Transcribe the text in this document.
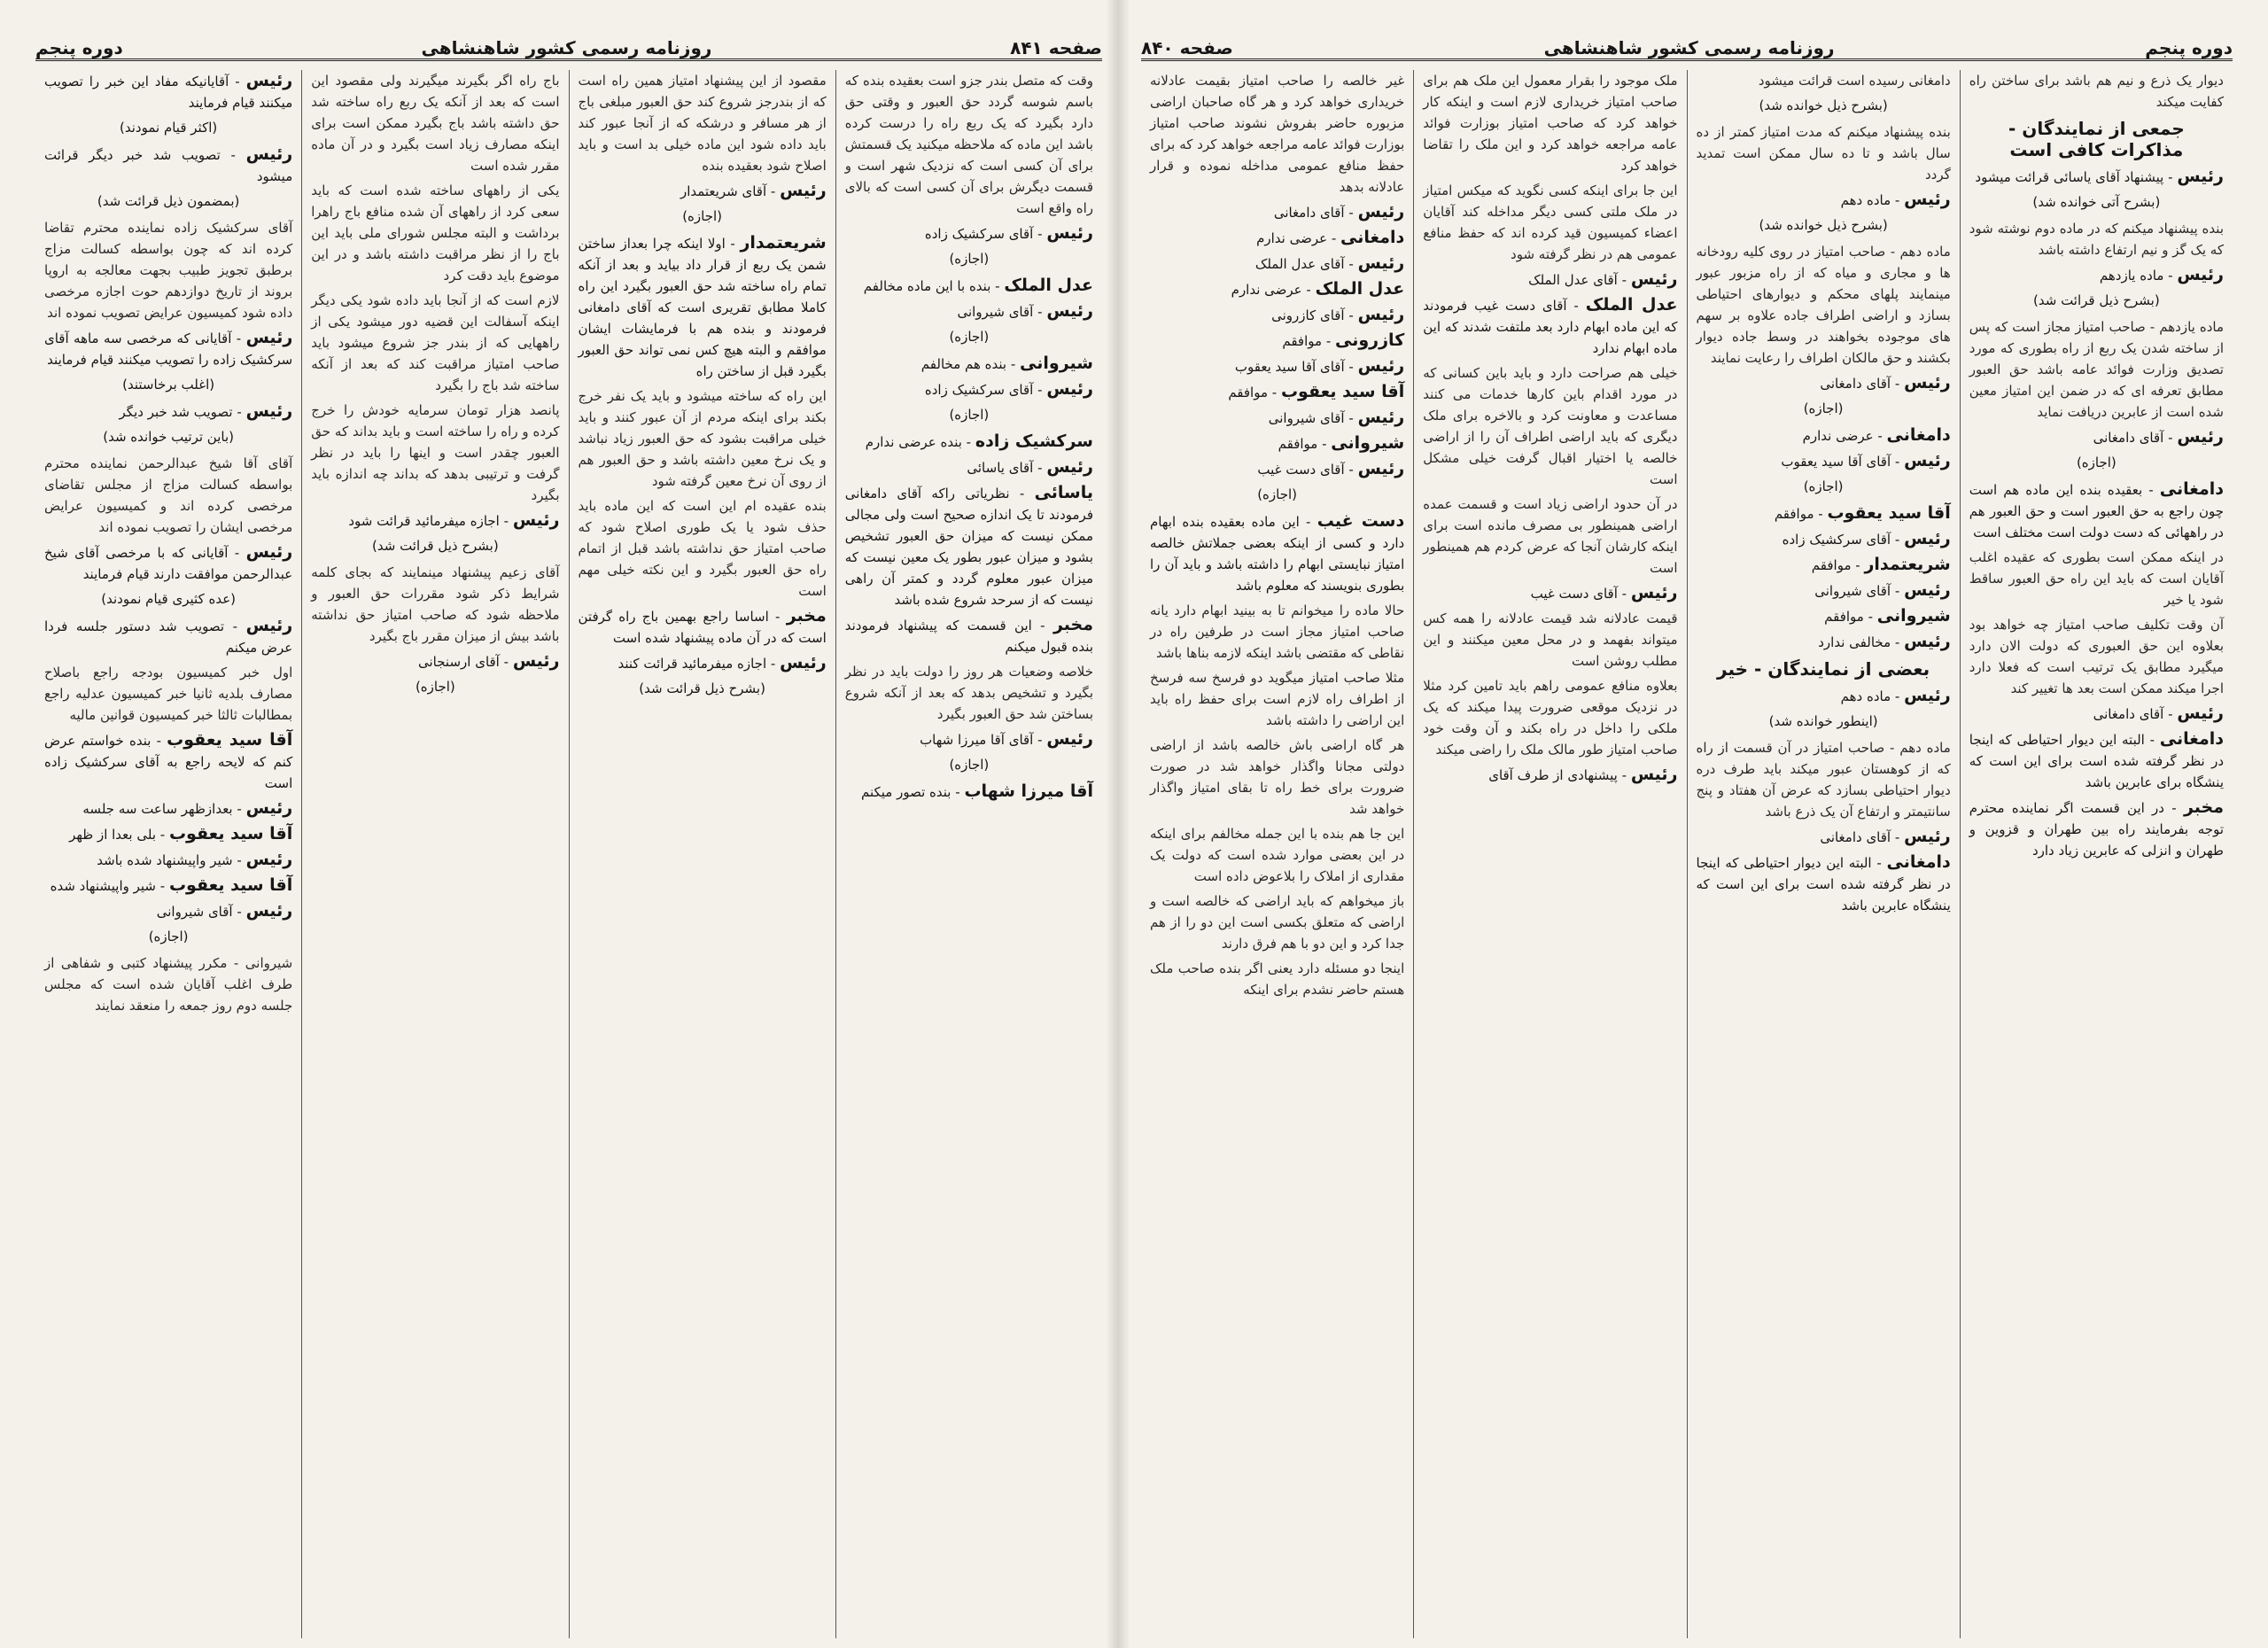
صفحه ۸۴۱
روزنامه رسمی کشور شاهنشاهی
دوره پنجم

وقت که متصل بندر جزو است بعقیده بنده که باسم شوسه گردد حق العبور و وقتی حق دارد بگیرد که یک ربع راه را درست کرده باشد این ماده که ملاحظه میکنید یک قسمتش برای آن کسی است که نزدیک شهر است و قسمت دیگرش برای آن کسی است که بالای راه واقع است

رئیس - آقای سرکشیک زاده

(اجازه)

عدل الملک - بنده با این ماده مخالفم

رئیس - آقای شیروانی

(اجازه)

شیروانی - بنده هم مخالفم

رئیس - آقای سرکشیک زاده

(اجازه)

سرکشیک زاده - بنده عرضی ندارم

رئیس - آقای یاسائی

یاسائی - نظریاتی راکه آقای دامغانی فرمودند تا یک اندازه صحیح است ولی مجالی ممکن نیست که میزان حق العبور تشخیص بشود و میزان عبور بطور یک معین نیست که میزان عبور معلوم گردد و کمتر آن راهی نیست که از سرحد شروع شده باشد

مخبر - این قسمت که پیشنهاد فرمودند بنده قبول میکنم

خلاصه وضعیات هر روز را دولت باید در نظر بگیرد و تشخیص بدهد که بعد از آنکه شروع بساختن شد حق العبور بگیرد

رئیس - آقای آقا میرزا شهاب

(اجازه)

آقا میرزا شهاب - بنده تصور میکنم

مقصود از این پیشنهاد امتیاز همین راه است که از بندرجز شروع کند حق العبور مبلغی باج از هر مسافر و درشکه که از آنجا عبور کند باید داده شود این ماده خیلی بد است و باید اصلاح شود بعقیده بنده

رئیس - آقای شریعتمدار

(اجازه)

شریعتمدار - اولا اینکه چرا بعداز ساختن شمن یک ربع از قرار داد بیاید و بعد از آنکه تمام راه ساخته شد حق العبور بگیرد این راه کاملا مطابق تقریری است که آقای دامغانی فرمودند و بنده هم با فرمایشات ایشان موافقم و البته هیچ کس نمی تواند حق العبور بگیرد قبل از ساختن راه

این راه که ساخته میشود و باید یک نفر خرج بکند برای اینکه مردم از آن عبور کنند و باید خیلی مراقبت بشود که حق العبور زیاد نباشد و یک نرخ معین داشته باشد و حق العبور هم از روی آن نرخ معین گرفته شود

بنده عقیده ام این است که این ماده باید حذف شود یا یک طوری اصلاح شود که صاحب امتیاز حق نداشته باشد قبل از اتمام راه حق العبور بگیرد و این نکته خیلی مهم است

مخبر - اساسا راجع بهمین باج راه گرفتن است که در آن ماده پیشنهاد شده است

رئیس - اجازه میفرمائید قرائت کنند

(بشرح ذیل قرائت شد)

باج راه اگر بگیرند میگیرند ولی مقصود این است که بعد از آنکه یک ربع راه ساخته شد حق داشته باشد باج بگیرد ممکن است برای اینکه مصارف زیاد است بگیرد و در آن ماده مقرر شده است

یکی از راههای ساخته شده است که باید سعی کرد از راههای آن شده منافع باج راهرا برداشت و البته مجلس شورای ملی باید این باج را از نظر مراقبت داشته باشد و در این موضوع باید دقت کرد

لازم است که از آنجا باید داده شود یکی دیگر اینکه آسفالت این قضیه دور میشود یکی از راههایی که از بندر جز شروع میشود باید صاحب امتیاز مراقبت کند که بعد از آنکه ساخته شد باج را بگیرد

پانصد هزار تومان سرمایه خودش را خرج کرده و راه را ساخته است و باید بداند که حق العبور چقدر است و اینها را باید در نظر گرفت و ترتیبی بدهد که بداند چه اندازه باید بگیرد

رئیس - اجازه میفرمائید قرائت شود

(بشرح ذیل قرائت شد)

آقای زعیم پیشنهاد مینمایند که بجای کلمه شرایط ذکر شود مقررات حق العبور و ملاحظه شود که صاحب امتیاز حق نداشته باشد بیش از میزان مقرر باج بگیرد

رئیس - آقای ارسنجانی

(اجازه)

رئیس - آقایانیکه مفاد این خبر را تصویب میکنند قیام فرمایند

(اکثر قیام نمودند)

رئیس - تصویب شد خبر دیگر قرائت میشود

(بمضمون ذیل قرائت شد)

آقای سرکشیک زاده نماینده محترم تقاضا کرده اند که چون بواسطه کسالت مزاج برطبق تجویز طبیب بجهت معالجه به اروپا بروند از تاریخ دوازدهم حوت اجازه مرخصی داده شود کمیسیون عرایض تصویب نموده اند

رئیس - آقایانی که مرخصی سه ماهه آقای سرکشیک زاده را تصویب میکنند قیام فرمایند

(اغلب برخاستند)

رئیس - تصویب شد خبر دیگر

(باین ترتیب خوانده شد)

آقای آقا شیخ عبدالرحمن نماینده محترم بواسطه کسالت مزاج از مجلس تقاضای مرخصی کرده اند و کمیسیون عرایض مرخصی ایشان را تصویب نموده اند

رئیس - آقایانی که با مرخصی آقای شیخ عبدالرحمن موافقت دارند قیام فرمایند

(عده کثیری قیام نمودند)

رئیس - تصویب شد دستور جلسه فردا عرض میکنم

اول خبر کمیسیون بودجه راجع باصلاح مصارف بلدیه ثانیا خبر کمیسیون عدلیه راجع بمطالبات ثالثا خبر کمیسیون قوانین مالیه

آقا سید یعقوب - بنده خواستم عرض کنم که لایحه راجع به آقای سرکشیک زاده است

رئیس - بعدازظهر ساعت سه جلسه

آقا سید یعقوب - بلی بعدا از ظهر

رئیس - شیر واپیشنهاد شده باشد

آقا سید یعقوب - شیر واپیشنهاد شده

رئیس - آقای شیروانی

(اجازه)

شیروانی - مکرر پیشنهاد کتبی و شفاهی از طرف اغلب آقایان شده است که مجلس جلسه دوم روز جمعه را منعقد نمایند

دوره پنجم
روزنامه رسمی کشور شاهنشاهی
صفحه ۸۴۰

دیوار یک ذرع و نیم هم باشد برای ساختن راه کفایت میکند

جمعی از نمایندگان - مذاکرات کافی است

رئیس - پیشنهاد آقای یاسائی قرائت میشود

(بشرح آتی خوانده شد)

بنده پیشنهاد میکنم که در ماده دوم نوشته شود که یک گز و نیم ارتفاع داشته باشد

رئیس - ماده یازدهم

(بشرح ذیل قرائت شد)

ماده یازدهم - صاحب امتیاز مجاز است که پس از ساخته شدن یک ربع از راه بطوری که مورد تصدیق وزارت فوائد عامه باشد حق العبور مطابق تعرفه ای که در ضمن این امتیاز معین شده است از عابرین دریافت نماید

رئیس - آقای دامغانی

(اجازه)

دامغانی - بعقیده بنده این ماده هم است چون راجع به حق العبور است و حق العبور هم در راههائی که دست دولت است مختلف است

در اینکه ممکن است بطوری که عقیده اغلب آقایان است که باید این راه حق العبور ساقط شود یا خیر

آن وقت تکلیف صاحب امتیاز چه خواهد بود بعلاوه این حق العبوری که دولت الان دارد میگیرد مطابق یک ترتیب است که فعلا دارد اجرا میکند ممکن است بعد ها تغییر کند

رئیس - آقای دامغانی

دامغانی - البته این دیوار احتیاطی که اینجا در نظر گرفته شده است برای این است که ینشگاه برای عابرین باشد

مخبر - در این قسمت اگر نماینده محترم توجه بفرمایند راه بین طهران و قزوین و طهران و انزلی که عابرین زیاد دارد

دامغانی رسیده است قرائت میشود

(بشرح ذیل خوانده شد)

بنده پیشنهاد میکنم که مدت امتیاز کمتر از ده سال باشد و تا ده سال ممکن است تمدید گردد

رئیس - ماده دهم

(بشرح ذیل خوانده شد)

ماده دهم - صاحب امتیاز در روی کلیه رودخانه ها و مجاری و میاه که از راه مزبور عبور مینمایند پلهای محکم و دیوارهای احتیاطی بسازد و اراضی اطراف جاده علاوه بر سهم های موجوده بخواهند در وسط جاده دیوار بکشند و حق مالکان اطراف را رعایت نمایند

رئیس - آقای دامغانی

(اجازه)

دامغانی - عرضی ندارم

رئیس - آقای آقا سید یعقوب

(اجازه)

آقا سید یعقوب - موافقم

رئیس - آقای سرکشیک زاده

شریعتمدار - موافقم

رئیس - آقای شیروانی

شیروانی - موافقم

رئیس - مخالفی ندارد

بعضی از نمایندگان - خیر

رئیس - ماده دهم

(اینطور خوانده شد)

ماده دهم - صاحب امتیاز در آن قسمت از راه که از کوهستان عبور میکند باید طرف دره دیوار احتیاطی بسازد که عرض آن هفتاد و پنج سانتیمتر و ارتفاع آن یک ذرع باشد

رئیس - آقای دامغانی

دامغانی - البته این دیوار احتیاطی که اینجا در نظر گرفته شده است برای این است که ینشگاه عابرین باشد

ملک موجود را بقرار معمول این ملک هم برای صاحب امتیاز خریداری لازم است و اینکه کار خواهد کرد که صاحب امتیاز بوزارت فوائد عامه مراجعه خواهد کرد و این ملک را تقاضا خواهد کرد

این جا برای اینکه کسی نگوید که میکس امتیاز در ملک ملتی کسی دیگر مداخله کند آقایان اعضاء کمیسیون قید کرده اند که حفظ منافع عمومی هم در نظر گرفته شود

رئیس - آقای عدل الملک

عدل الملک - آقای دست غیب فرمودند که این ماده ابهام دارد بعد ملتفت شدند که این ماده ابهام ندارد

خیلی هم صراحت دارد و باید باین کسانی که در مورد اقدام باین کارها خدمات می کنند مساعدت و معاونت کرد و بالاخره برای ملک دیگری که باید اراضی اطراف آن را از اراضی خالصه یا اختیار اقبال گرفت خیلی مشکل است

در آن حدود اراضی زیاد است و قسمت عمده اراضی همینطور بی مصرف مانده است برای اینکه کارشان آنجا که عرض کردم هم همینطور است

رئیس - آقای دست غیب

قیمت عادلانه شد قیمت عادلانه را همه کس میتواند بفهمد و در محل معین میکنند و این مطلب روشن است

بعلاوه منافع عمومی راهم باید تامین کرد مثلا در نزدیک موقعی ضرورت پیدا میکند که یک ملکی را داخل در راه بکند و آن وقت خود صاحب امتیاز طور مالک ملک را راضی میکند

رئیس - پیشنهادی از طرف آقای

غیر خالصه را صاحب امتیاز بقیمت عادلانه خریداری خواهد کرد و هر گاه صاحبان اراضی مزبوره حاضر بفروش نشوند صاحب امتیاز بوزارت فوائد عامه مراجعه خواهد کرد که برای حفظ منافع عمومی مداخله نموده و قرار عادلانه بدهد

رئیس - آقای دامغانی

دامغانی - عرضی ندارم

رئیس - آقای عدل الملک

عدل الملک - عرضی ندارم

رئیس - آقای کازرونی

کازرونی - موافقم

رئیس - آقای آقا سید یعقوب

آقا سید یعقوب - موافقم

رئیس - آقای شیروانی

شیروانی - موافقم

رئیس - آقای دست غیب

(اجازه)

دست غیب - این ماده بعقیده بنده ابهام دارد و کسی از اینکه بعضی جملاتش خالصه امتیاز نبایستی ابهام را داشته باشد و باید آن را بطوری بنویسند که معلوم باشد

حالا ماده را میخوانم تا به بینید ابهام دارد یانه صاحب امتیاز مجاز است در طرفین راه در نقاطی که مقتضی باشد اینکه لازمه بناها باشد

مثلا صاحب امتیاز میگوید دو فرسخ سه فرسخ از اطراف راه لازم است برای حفظ راه باید این اراضی را داشته باشد

هر گاه اراضی باش خالصه باشد از اراضی دولتی مجانا واگذار خواهد شد در صورت ضرورت برای خط راه تا بقای امتیاز واگذار خواهد شد

این جا هم بنده با این جمله مخالفم برای اینکه در این بعضی موارد شده است که دولت یک مقداری از املاک را بلاعوض داده است

باز میخواهم که باید اراضی که خالصه است و اراضی که متعلق بکسی است این دو را از هم جدا کرد و این دو با هم فرق دارند

اینجا دو مسئله دارد یعنی اگر بنده صاحب ملک هستم حاضر نشدم برای اینکه
